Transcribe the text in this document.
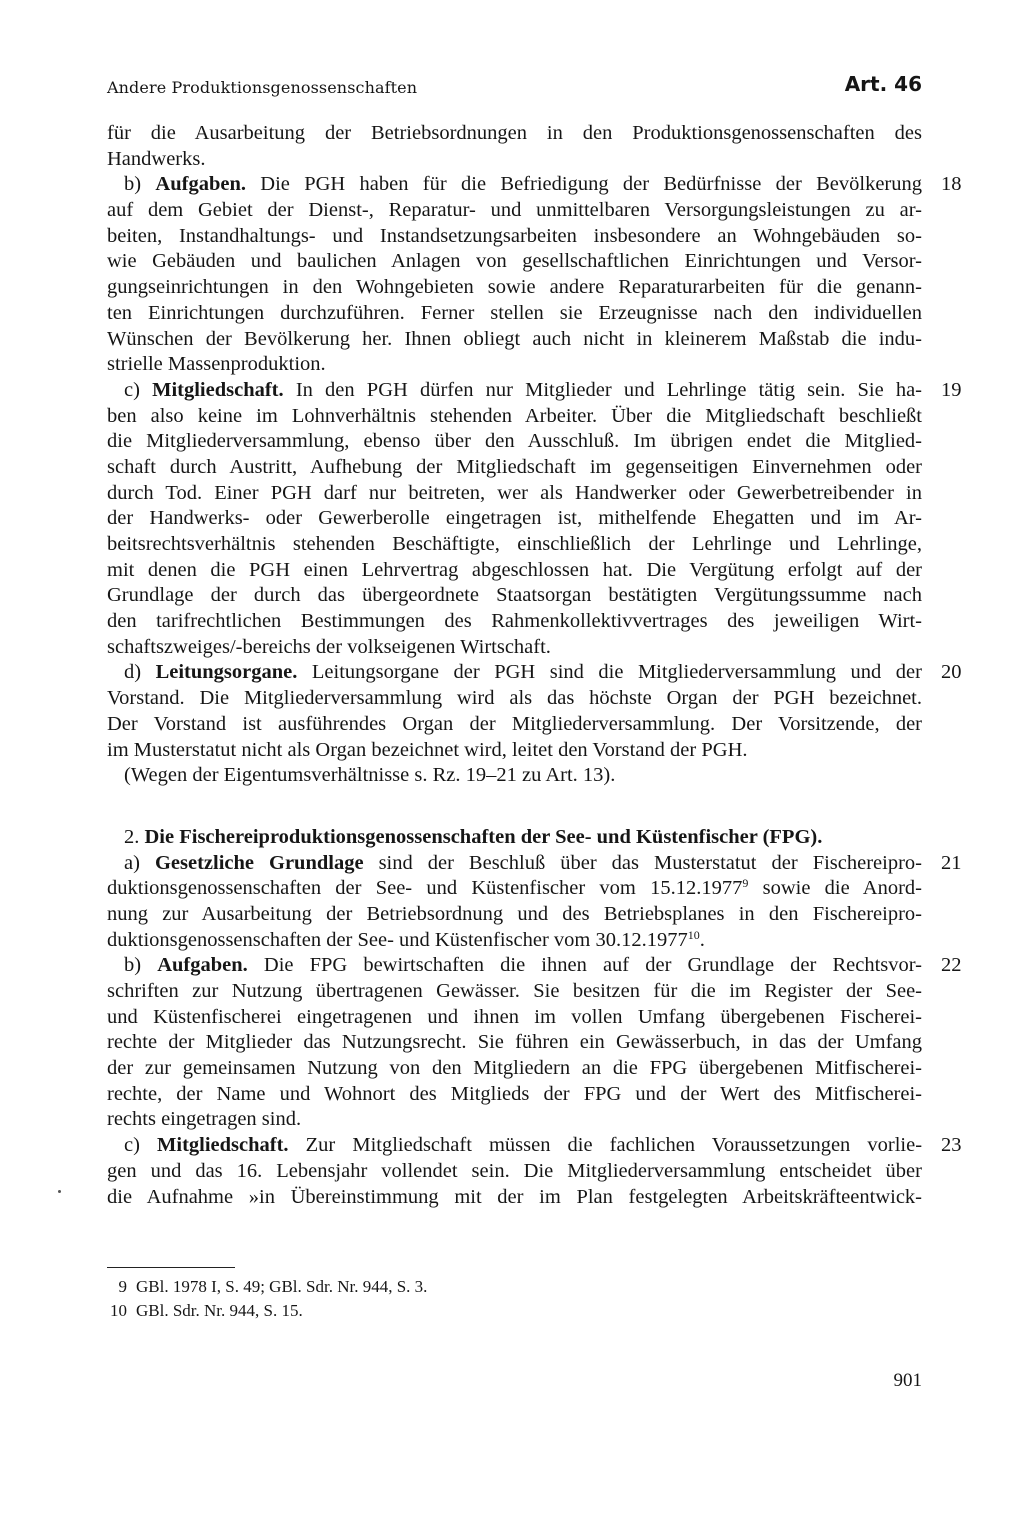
Andere Produktionsgenossenschaften	Art. 46
für die Ausarbeitung der Betriebsordnungen in den Produktionsgenossenschaften des
Handwerks.
b) Aufgaben. Die PGH haben für die Befriedigung der Bedürfnisse der Bevölkerung 18
auf dem Gebiet der Dienst-, Reparatur- und unmittelbaren Versorgungsleistungen zu ar-
beiten, Instandhaltungs- und Instandsetzungsarbeiten insbesondere an Wohngebäuden so-
wie Gebäuden und baulichen Anlagen von gesellschaftlichen Einrichtungen und Versor-
gungseinrichtungen in den Wohngebieten sowie andere Reparaturarbeiten für die genann-
ten Einrichtungen durchzuführen. Ferner stellen sie Erzeugnisse nach den individuellen
Wünschen der Bevölkerung her. Ihnen obliegt auch nicht in kleinerem Maßstab die indu-
strielle Massenproduktion.
c) Mitgliedschaft. In den PGH dürfen nur Mitglieder und Lehrlinge tätig sein. Sie ha- 19
ben also keine im Lohnverhältnis stehenden Arbeiter. Über die Mitgliedschaft beschließt
die Mitgliederversammlung, ebenso über den Ausschluß. Im übrigen endet die Mitglied-
schaft durch Austritt, Aufhebung der Mitgliedschaft im gegenseitigen Einvernehmen oder
durch Tod. Einer PGH darf nur beitreten, wer als Handwerker oder Gewerbetreibender in
der Handwerks- oder Gewerberolle eingetragen ist, mithelfende Ehegatten und im Ar-
beitsrechtsverhältnis stehenden Beschäftigte, einschließlich der Lehrlinge und Lehrlinge,
mit denen die PGH einen Lehrvertrag abgeschlossen hat. Die Vergütung erfolgt auf der
Grundlage der durch das übergeordnete Staatsorgan bestätigten Vergütungssumme nach
den tarifrechtlichen Bestimmungen des Rahmenkollektivvertrages des jeweiligen Wirt-
schaftszweiges/-bereichs der volkseigenen Wirtschaft.
d) Leitungsorgane. Leitungsorgane der PGH sind die Mitgliederversammlung und der 20
Vorstand. Die Mitgliederversammlung wird als das höchste Organ der PGH bezeichnet.
Der Vorstand ist ausführendes Organ der Mitgliederversammlung. Der Vorsitzende, der
im Musterstatut nicht als Organ bezeichnet wird, leitet den Vorstand der PGH.
(Wegen der Eigentumsverhältnisse s. Rz. 19–21 zu Art. 13).
2. Die Fischereiproduktionsgenossenschaften der See- und Küstenfischer (FPG).
a) Gesetzliche Grundlage sind der Beschluß über das Musterstatut der Fischereipro- 21
duktionsgenossenschaften der See- und Küstenfischer vom 15.12.1977$^9$ sowie die Anord-
nung zur Ausarbeitung der Betriebsordnung und des Betriebsplanes in den Fischereipro-
duktionsgenossenschaften der See- und Küstenfischer vom 30.12.1977$^{10}$.
b) Aufgaben. Die FPG bewirtschaften die ihnen auf der Grundlage der Rechtsvor- 22
schriften zur Nutzung übertragenen Gewässer. Sie besitzen für die im Register der See-
und Küstenfischerei eingetragenen und ihnen im vollen Umfang übergebenen Fischerei-
rechte der Mitglieder das Nutzungsrecht. Sie führen ein Gewässerbuch, in das der Umfang
der zur gemeinsamen Nutzung von den Mitgliedern an die FPG übergebenen Mitfischerei-
rechte, der Name und Wohnort des Mitglieds der FPG und der Wert des Mitfischerei-
rechts eingetragen sind.
c) Mitgliedschaft. Zur Mitgliedschaft müssen die fachlichen Voraussetzungen vorlie- 23
gen und das 16. Lebensjahr vollendet sein. Die Mitgliederversammlung entscheidet über
die Aufnahme »in Übereinstimmung mit der im Plan festgelegten Arbeitskräfteentwick-
9 GBl. 1978 I, S. 49; GBl. Sdr. Nr. 944, S. 3.
10 GBl. Sdr. Nr. 944, S. 15.
901
